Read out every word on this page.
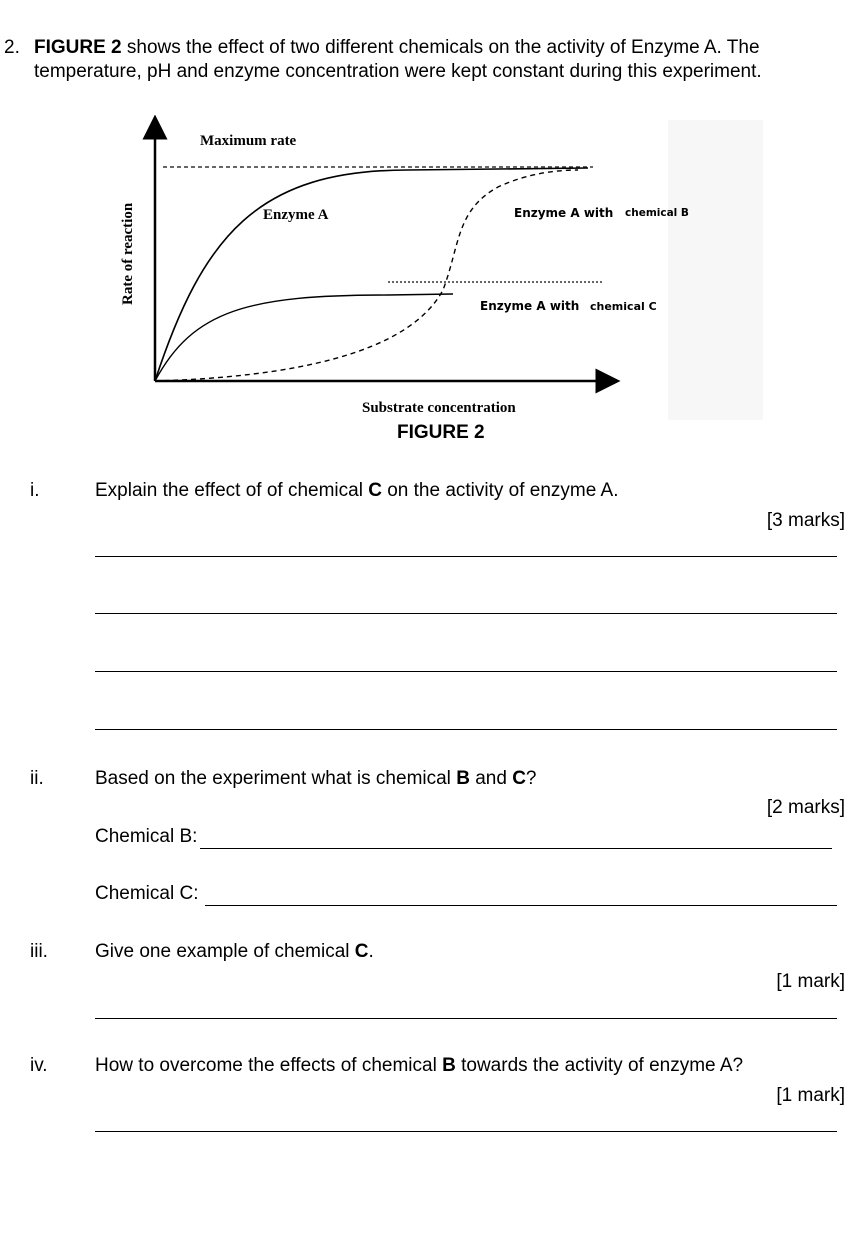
2. FIGURE 2 shows the effect of two different chemicals on the activity of Enzyme A. The
temperature, pH and enzyme concentration were kept constant during this experiment.
Maximum rate
Enzyme A	Enzyme A with chemical B
Enzyme A with chemical C
Rate of reaction
Substrate concentration
FIGURE 2
i.	Explain the effect of of chemical C on the activity of enzyme A.
[3 marks]
ii.	Based on the experiment what is chemical B and C?
[2 marks]
Chemical B:
Chemical C:
iii. Give one example of chemical C.
[1 mark]
iv. How to overcome the effects of chemical B towards the activity of enzyme A?
[1 mark]
